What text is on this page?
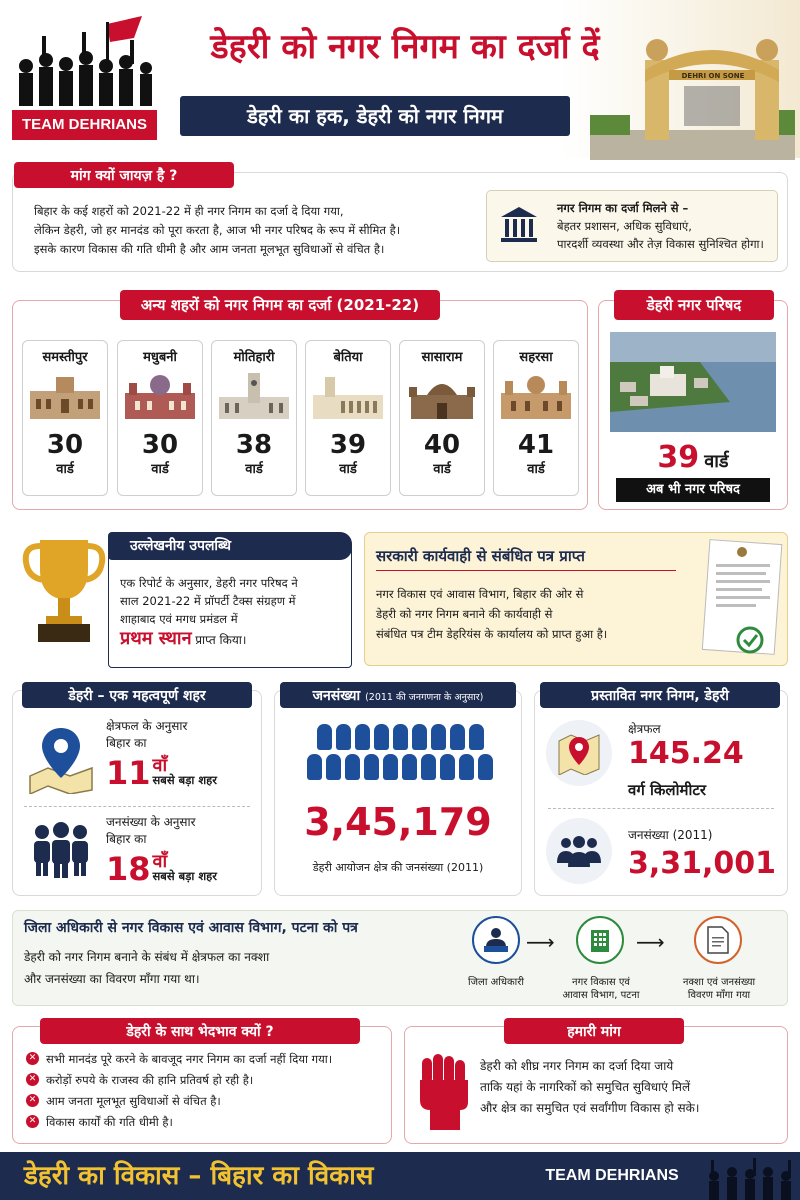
TEAM DEHRIANS
डेहरी को नगर निगम का दर्जा दें
डेहरी का हक, डेहरी को नगर निगम
DEHRI ON SONE
मांग क्यों जायज़ है ?
बिहार के कई शहरों को 2021-22 में ही नगर निगम का दर्जा दे दिया गया,
लेकिन डेहरी, जो हर मानदंड को पूरा करता है, आज भी नगर परिषद के रूप में सीमित है।
इसके कारण विकास की गति धीमी है और आम जनता मूलभूत सुविधाओं से वंचित है।
नगर निगम का दर्जा मिलने से –
बेहतर प्रशासन, अधिक सुविधाएं,
पारदर्शी व्यवस्था और तेज़ विकास सुनिश्चित होगा।
अन्य शहरों को नगर निगम का दर्जा (2021-22)
समस्तीपुर
30
वार्ड
मधुबनी
30
वार्ड
मोतिहारी
38
वार्ड
बेतिया
39
वार्ड
सासाराम
40
वार्ड
सहरसा
41
वार्ड
डेहरी नगर परिषद
39 वार्ड
अब भी नगर परिषद
उल्लेखनीय उपलब्धि
एक रिपोर्ट के अनुसार, डेहरी नगर परिषद ने
साल 2021-22 में प्रॉपर्टी टैक्स संग्रहण में
शाहाबाद एवं मगध प्रमंडल में
प्रथम स्थान प्राप्त किया।
सरकारी कार्यवाही से संबंधित पत्र प्राप्त
नगर विकास एवं आवास विभाग, बिहार की ओर से
डेहरी को नगर निगम बनाने की कार्यवाही से
संबंधित पत्र टीम डेहरियंस के कार्यालय को प्राप्त हुआ है।
डेहरी – एक महत्वपूर्ण शहर
क्षेत्रफल के अनुसार
बिहार का
11 वाँ
सबसे बड़ा शहर
जनसंख्या के अनुसार
बिहार का
18 वाँ
सबसे बड़ा शहर
जनसंख्या (2011 की जनगणना के अनुसार)

3,45,179
डेहरी आयोजन क्षेत्र की जनसंख्या (2011)
प्रस्तावित नगर निगम, डेहरी
क्षेत्रफल
145.24
वर्ग किलोमीटर
जनसंख्या (2011)
3,31,001
जिला अधिकारी से नगर विकास एवं आवास विभाग, पटना को पत्र
डेहरी को नगर निगम बनाने के संबंध में क्षेत्रफल का नक्शा
और जनसंख्या का विवरण माँगा गया था।
⟶	⟶
जिला अधिकारी	नगर विकास एवं
आवास विभाग, पटना
नक्शा एवं जनसंख्या
विवरण माँगा गया
डेहरी के साथ भेदभाव क्यों ?
✕ सभी मानदंड पूरे करने के बावजूद नगर निगम का दर्जा नहीं दिया गया।
✕ करोड़ों रुपये के राजस्व की हानि प्रतिवर्ष हो रही है।
✕ आम जनता मूलभूत सुविधाओं से वंचित है।
✕ विकास कार्यों की गति धीमी है।
हमारी मांग
डेहरी को शीघ्र नगर निगम का दर्जा दिया जाये
ताकि यहां के नागरिकों को समुचित सुविधाएं मिलें
और क्षेत्र का समुचित एवं सर्वांगीण विकास हो सके।
डेहरी का विकास – बिहार का विकास	TEAM DEHRIANS
